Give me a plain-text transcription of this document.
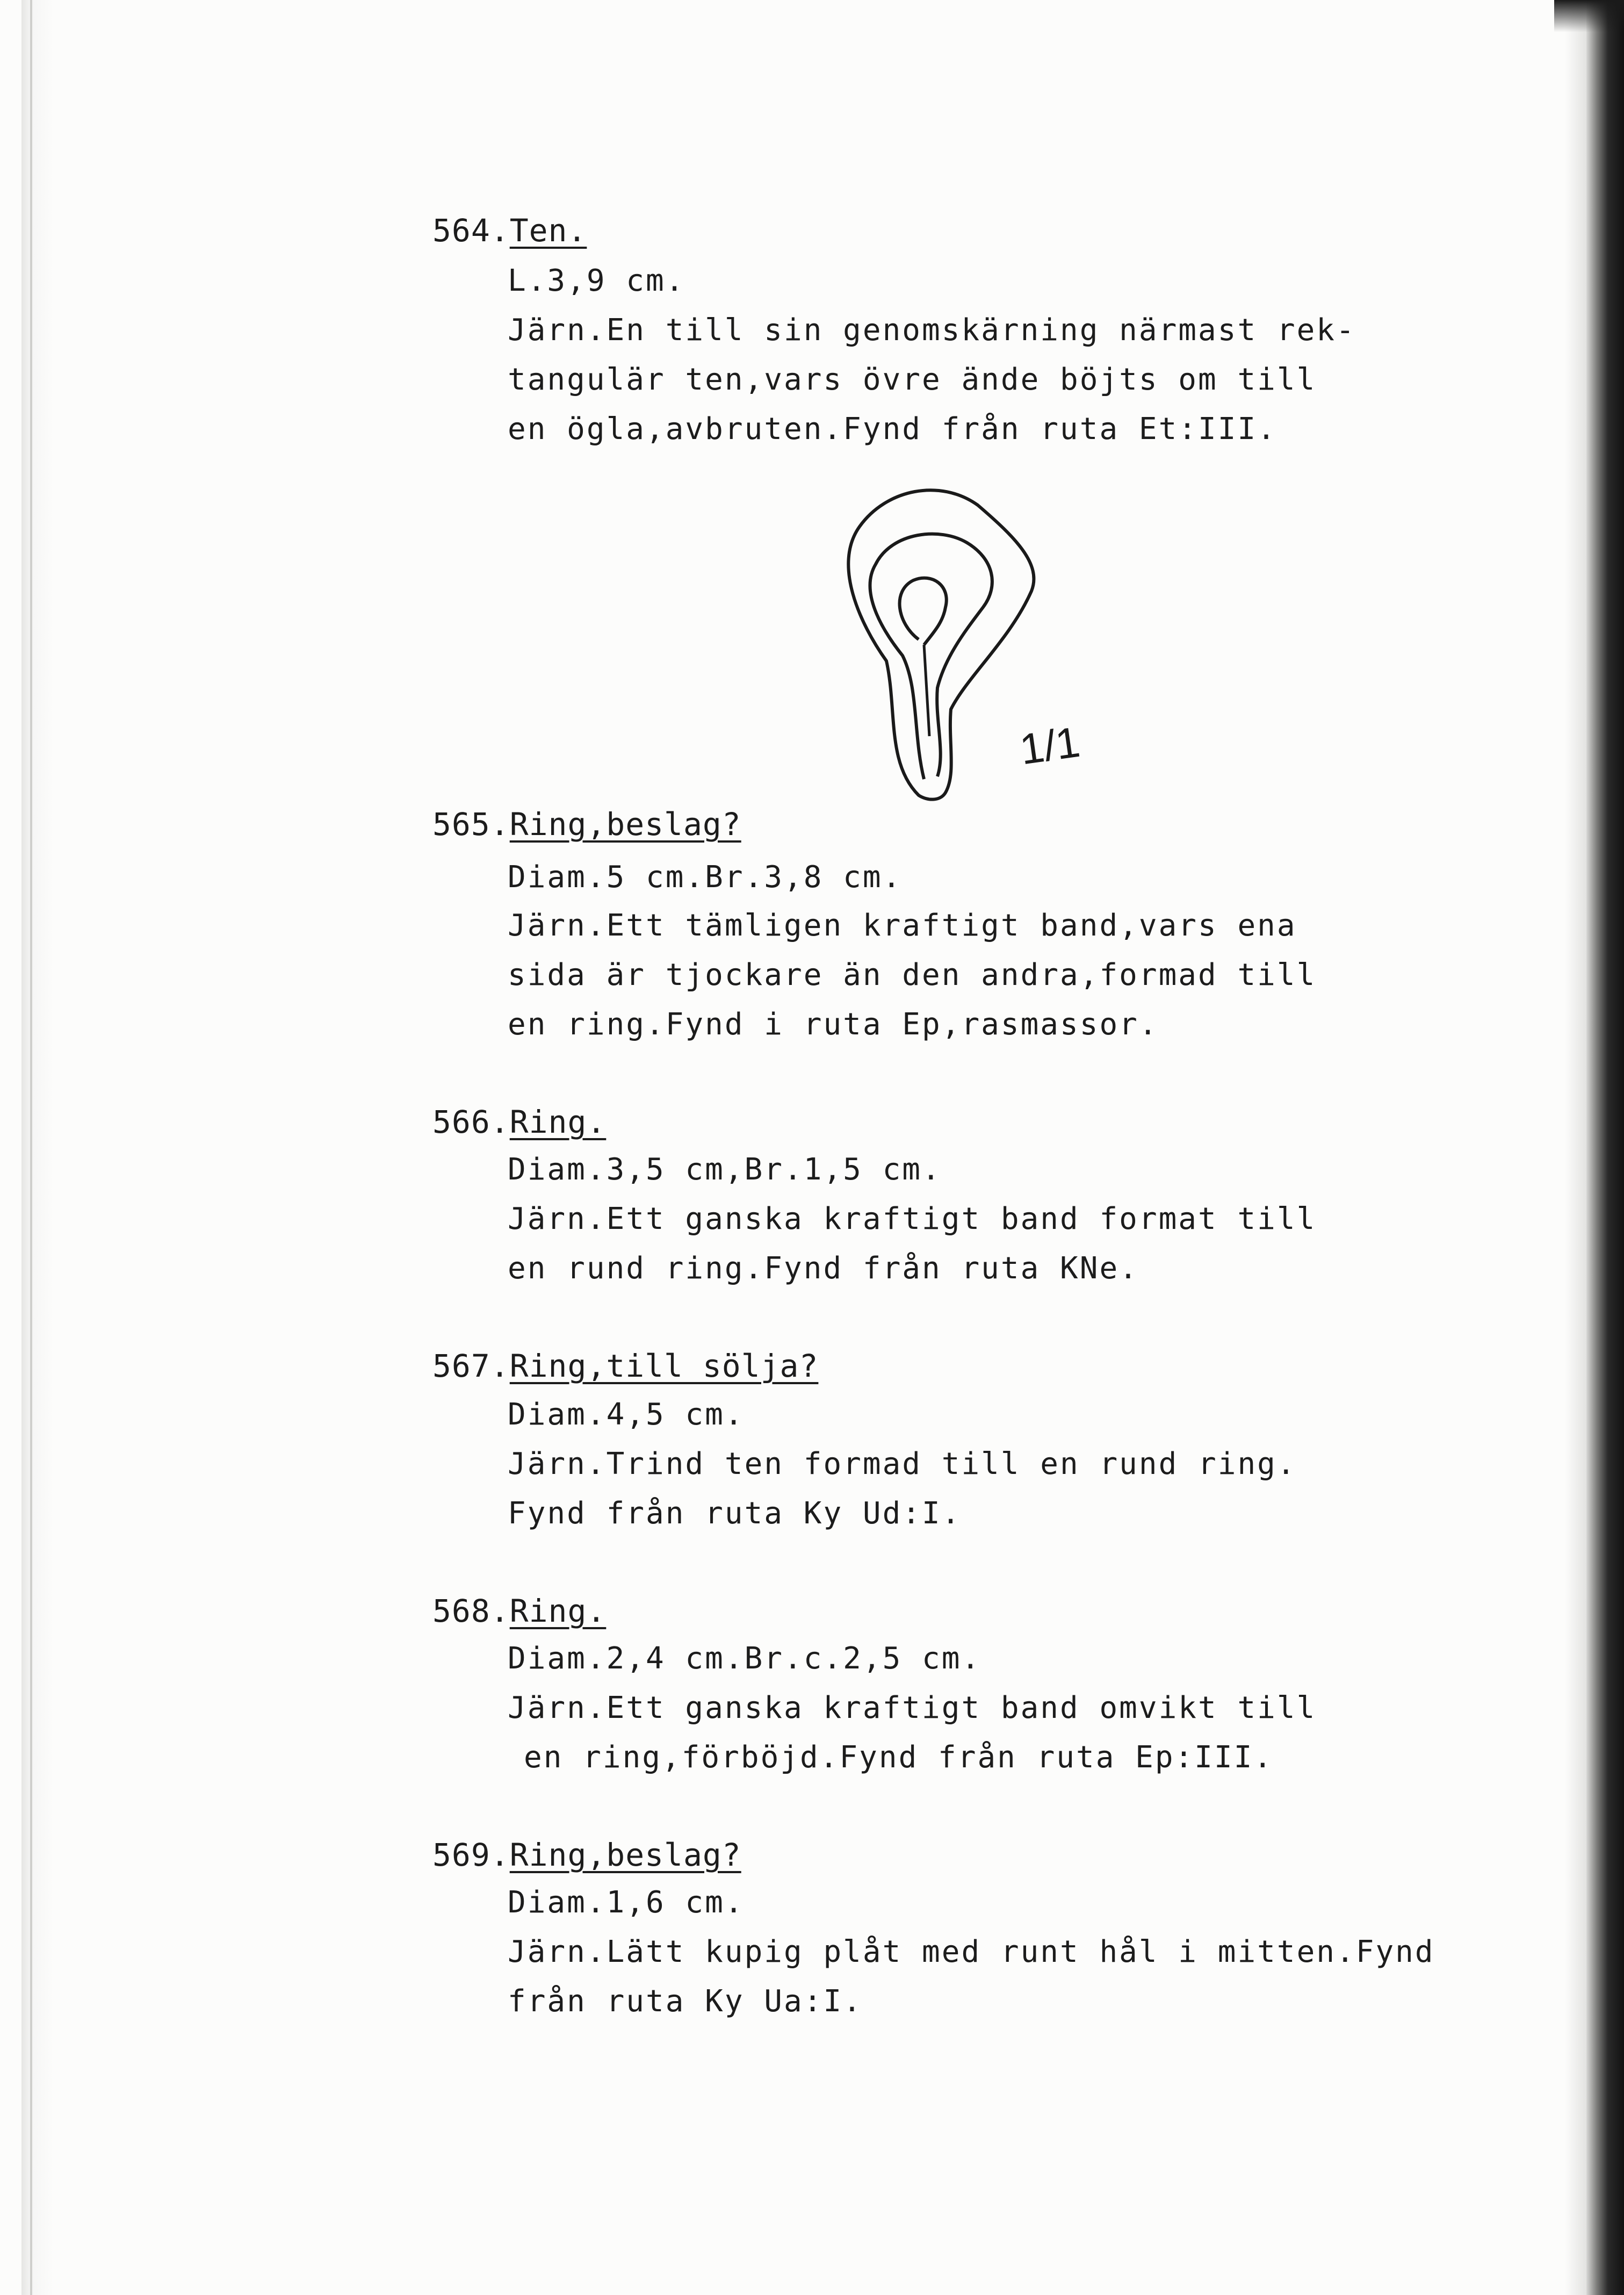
564.Ten.
L.3,9 cm.
Järn.En till sin genomskärning närmast rek-
tangulär ten,vars övre ände böjts om till
en ögla,avbruten.Fynd från ruta Et:III.
1/1
565.Ring,beslag?
Diam.5 cm.Br.3,8 cm.
Järn.Ett tämligen kraftigt band,vars ena
sida är tjockare än den andra,formad till
en ring.Fynd i ruta Ep,rasmassor.
566.Ring.
Diam.3,5 cm,Br.1,5 cm.
Järn.Ett ganska kraftigt band format till
en rund ring.Fynd från ruta KNe.
567.Ring,till sölja?
Diam.4,5 cm.
Järn.Trind ten formad till en rund ring.
Fynd från ruta Ky Ud:I.
568.Ring.
Diam.2,4 cm.Br.c.2,5 cm.
Järn.Ett ganska kraftigt band omvikt till
en ring,förböjd.Fynd från ruta Ep:III.
569.Ring,beslag?
Diam.1,6 cm.
Järn.Lätt kupig plåt med runt hål i mitten.Fynd
från ruta Ky Ua:I.
